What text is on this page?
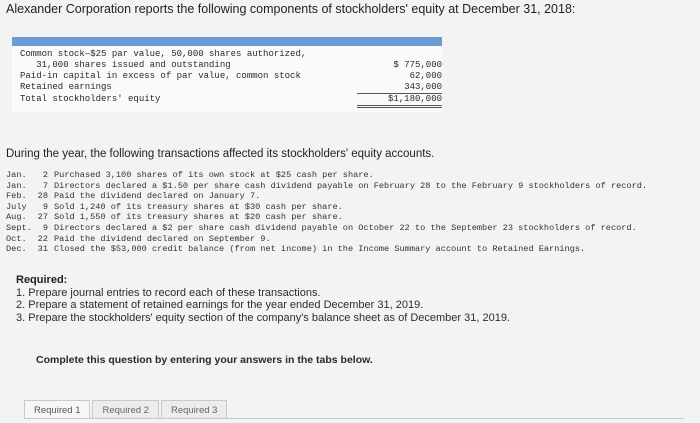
Alexander Corporation reports the following components of stockholders' equity at December 31, 2018:
Common stock—$25 par value, 50,000 shares authorized,
31,000 shares issued and outstanding	$ 775,000
Paid-in capital in excess of par value, common stock	62,000
Retained earnings	343,000
Total stockholders' equity	$1,180,000
During the year, the following transactions affected its stockholders' equity accounts.
Jan.	2 Purchased 3,100 shares of its own stock at $25 cash per share.
Jan.	7 Directors declared a $1.50 per share cash dividend payable on February 28 to the February 9 stockholders of record.
Feb.	28 Paid the dividend declared on January 7.
July	9 Sold 1,240 of its treasury shares at $30 cash per share.
Aug.	27 Sold 1,550 of its treasury shares at $20 cash per share.
Sept.	9 Directors declared a $2 per share cash dividend payable on October 22 to the September 23 stockholders of record.
Oct.	22 Paid the dividend declared on September 9.
Dec.	31 Closed the $53,000 credit balance (from net income) in the Income Summary account to Retained Earnings.
Required:
1. Prepare journal entries to record each of these transactions.
2. Prepare a statement of retained earnings for the year ended December 31, 2019.
3. Prepare the stockholders' equity section of the company's balance sheet as of December 31, 2019.
Complete this question by entering your answers in the tabs below.
Required 1	Required 2	Required 3
